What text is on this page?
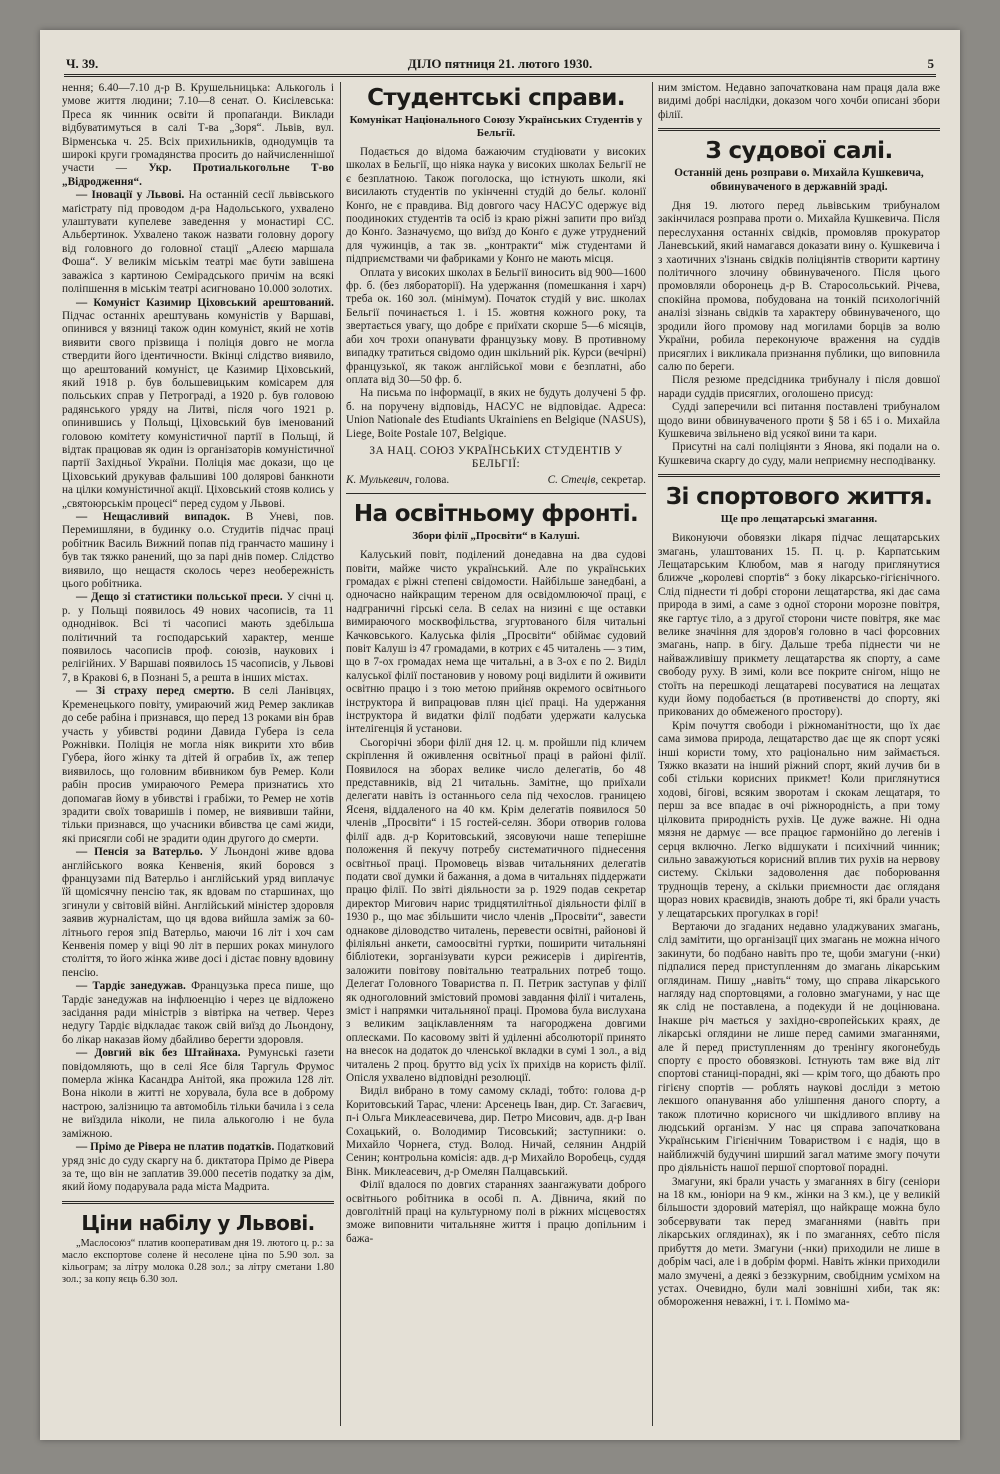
Ч. 39.	ДІЛО пятниця 21. лютого 1930.	5

нення; 6.40—7.10 д-р В. Крушельницька: Алькоголь і умове життя людини; 7.10—8 сенат. О. Кисілевська: Преса як чинник освіти й пропаґанди. Виклади відбуватимуться в салі Т-ва „Зоря“. Львів, вул. Вірменська ч. 25. Всіх прихильників, однодумців та широкі круги громадянства просить до найчисленнішої участи — Укр. Протиалькогольне Т-во „Відродження“.

— Іновації у Львові. На останній сесії львівського маґістрату під проводом д-ра Надольського, ухвалено улаштувати купелеве заведення у монастирі СС. Альбертинок. Ухвалено також назвати головну дорогу від головного до головної стації „Алеєю маршала Фоша“. У великім міськім театрі має бути завішена заважіса з картиною Семірадського причім на всякі поліпшення в міськім театрі асигновано 10.000 золотих.

— Комуніст Казимир Ціховський арештований. Підчас останніх арештувань комуністів у Варшаві, опинився у вязниці також один комуніст, який не хотів виявити свого прізвища і поліція довго не могла ствердити його ідентичности. Вкінці слідство виявило, що арештований комуніст, це Казимир Ціховський, який 1918 р. був большевицьким комісарем для польських справ у Петрограді, а 1920 р. був головою радянського уряду на Литві, після чого 1921 р. опинившись у Польщі, Ціховський був іменований головою комітету комуністичної партії в Польщі, й відтак працював як один із організаторів комуністичної партії Західньої України. Поліція має докази, що це Ціховський друкував фальшиві 100 долярові банкноти на цілки комуністичної акції. Ціховський стояв колись у „святоюрськім процесі“ перед судом у Львові.

— Нещасливий випадок. В Уневі, пов. Перемишляни, в будинку о.о. Студитів підчас праці робітник Василь Вижний попав під гранчасто машину і був так тяжко ранений, що за парі днів помер. Слідство виявило, що нещастя сколось через необережність цього робітника.

— Дещо зі статистики польської преси. У січні ц. р. у Польщі появилось 49 нових часописів, та 11 одноднівок. Всі ті часописі мають здебільша політичний та господарський характер, менше появилось часописів проф. союзів, наукових і релігійних. У Варшаві появилось 15 часописів, у Львові 7, в Кракові 6, в Познані 5, а решта в інших містах.

— Зі страху перед смертю. В селі Ланівцях, Кременецького повіту, умираючий жид Ремер закликав до себе рабіна і признався, що перед 13 роками він брав участь у убивстві родини Давида Губера із села Рожнівки. Поліція не могла ніяк викрити хто вбив Губера, його жінку та дітей й ограбив їх, аж тепер виявилось, що головним вбивником був Ремер. Коли рабін просив умираючого Ремера признатись хто допомагав йому в убивстві і грабіжи, то Ремер не хотів зрадити своїх товаришів і помер, не виявивши тайни, тільки признався, що учасники вбивства це самі жиди, які присягли собі не зрадити один другого до смерти.

— Пенсія за Ватерльо. У Льондоні живе вдова англійського вояка Кенвенія, який боровся з французами під Ватерльо і англійський уряд виплачує їй щомісячну пенсію так, як вдовам по старшинах, що згинули у світовій війні. Англійський міністер здоровля заявив журналістам, що ця вдова вийшла заміж за 60-літнього героя зпід Ватерльо, маючи 16 літ і хоч сам Кенвенія помер у віці 90 літ в перших роках минулого століття, то його жінка живе досі і дістає повну вдовину пенсію.

— Тардіє занедужав. Французька преса пише, що Тардіє занедужав на інфлюенцію і через це відложено засідання ради міністрів з вівтірка на четвер. Через недугу Тардіє відкладає також свій виїзд до Льондону, бо лікар наказав йому дбайливо берегти здоровля.

— Довгий вік без Штайнаха. Румунські ґазети повідомляють, що в селі Ясе біля Таргуль Фрумос померла жінка Касандра Анітой, яка прожила 128 літ. Вона ніколи в житті не хорувала, була все в доброму настрою, залізницю та автомобіль тільки бачила і з села не виїздила ніколи, не пила алькоголю і не була заміжною.

— Прімо де Рівера не платив податків. Податковий уряд зніс до суду скаргу на б. диктатора Прімо де Рівера за те, що він не заплатив 39.000 песетів податку за дім, який йому подарувала рада міста Мадрита.

Ціни набілу у Львові.

„Маслосоюз“ платив кооперативам дня 19. лютого ц. р.: за масло експортове солене й несолене ціна по 5.90 зол. за кільограм; за літру молока 0.28 зол.; за літру сметани 1.80 зол.; за копу яєць 6.30 зол.

Студентські справи.
Комунікат Національного Союзу Українських Студентів у Бельгії.

Подається до відома бажаючим студіювати у високих школах в Бельгії, що ніяка наука у високих школах Бельгії не є безплатною. Також поголоска, що істнують школи, які висилають студентів по укінченні студій до бельґ. колонії Конґо, не є правдива. Від довгого часу НАСУС одержує від поодиноких студентів та осіб із краю ріжні запити про виїзд до Конґо. Зазначуємо, що виїзд до Конґо є дуже утруднений для чужинців, а так зв. „контракти“ між студентами й підприємствами чи фабриками у Конґо не мають місця.

Оплата у високих школах в Бельгії виносить від 900—1600 фр. б. (без лябораторії). На удержання (помешкання і харч) треба ок. 160 зол. (мінімум). Початок студій у вис. школах Бельгії починається 1. і 15. жовтня кожного року, та звертається увагу, що добре є приїхати скорше 5—6 місяців, аби хоч трохи опанувати французьку мову. В противному випадку тратиться свідомо один шкільний рік. Курси (вечірні) французької, як також англійської мови є безплатні, або оплата від 30—50 фр. б.

На письма по інформації, в яких не будуть долучені 5 фр. б. на поручену відповідь, НАСУС не відповідає. Адреса: Union Nationale des Etudiants Ukrainiens en Belgique (NASUS), Liege, Boite Postale 107, Belgique.

ЗА НАЦ. СОЮЗ УКРАЇНСЬКИХ СТУДЕНТІВ У БЕЛЬГІЇ:
К. Мулькевич, голова.	С. Стеців, секретар.
На освітньому фронті.
Збори філії „Просвіти“ в Калуші.

Калуський повіт, поділений донедавна на два судові повіти, майже чисто український. Але по українських громадах є ріжні степені свідомости. Найбільше занедбані, а одночасно найкращим тереном для освідомлюючої праці, є надграничні гірські села. В селах на низині є ще оставки вимираючого москвофільства, згуртованого біля читальні Качковського. Калуська філія „Просвіти“ обіймає судовий повіт Калуш із 47 громадами, в котрих є 45 читалень — з тим, що в 7-ох громадах нема ще читальні, а в 3-ох є по 2. Виділ калуської філії постановив у новому році виділити й оживити освітню працю і з тою метою прийняв окремого освітнього інструктора й випрацював плян цієї праці. На удержання інструктора й видатки філії подбати удержати калуська інтелігенція й установи.

Сьогорічні збори філії дня 12. ц. м. пройшли під кличем скріплення й оживлення освітньої праці в районі філії. Появилося на зборах велике число делегатів, бо 48 представників, від 21 читальнь. Замітне, що приїхали делегати навіть із останнього села під чехослов. границею Ясеня, віддаленого на 40 км. Крім делегатів появилося 50 членів „Просвіти“ і 15 гостей-селян. Збори отворив голова філії адв. д-р Коритовський, зясовуючи наше теперішне положення й пекучу потребу систематичного піднесення освітньої праці. Промовець візвав читальняних делегатів подати свої думки й бажання, а дома в читальнях піддержати працю філії. По звіті діяльности за р. 1929 подав секретар директор Мигович нарис тридцятилітньої діяльности філії в 1930 р., що має збільшити число членів „Просвіти“, завести однакове діловодство читалень, перевести освітні, районові й філіяльні анкети, самоосвітні гуртки, поширити читальняні бібліотеки, зорганізувати курси режисерів і диріґентів, заложити повітову повітальню театральних потреб тощо. Делегат Головного Товариства п. П. Петрик заступав у філії як одноголовний змістовий промові завдання філії і читалень, зміст і напрямки читальняної праці. Промова була вислухана з великим заціклавленням та нагороджена довгими оплесками. По касовому звіті й уділенні абсолюторії принято на внесок на додаток до членської вкладки в сумі 1 зол., а від читалень 2 проц. брутто від усіх їх прихідв на користь філії. Опісля ухвалено відповідні резолюції.

Виділ вибрано в тому самому складі, тобто: голова д-р Коритовський Тарас, члени: Арсенець Іван, дир. Ст. Загаєвич, п-і Ольга Миклеасевичева, дир. Петро Мисович, адв. д-р Іван Сохацький, о. Володимир Тисовський; заступники: о. Михайло Чорнега, студ. Волод. Ничай, селянин Андрій Сенин; контрольна комісія: адв. д-р Михайло Воробець, суддя Вінк. Миклеасевич, д-р Омелян Палцавський.

Філії вдалося по довгих стараннях заангажувати доброго освітнього робітника в особі п. А. Дівнича, який по довголітній праці на культурному полі в ріжних місцевостях зможе виповнити читальняне життя і працю допільним і бажа-

ним змістом. Недавно започаткована нам праця дала вже видимі добрі наслідки, доказом чого хочби описані збори філії.

З судової салі.
Останній день розправи о. Михайла Кушкевича, обвинуваченого в державній зраді.

Дня 19. лютого перед львівським трибуналом закінчилася розправа проти о. Михайла Кушкевича. Після переслухання останніх свідків, промовляв прокуратор Ланевський, який намагався доказати вину о. Кушкевича і з хаотичних з'ізнань свідків поліціянтів створити картину політичного злочину обвинуваченого. Після цього промовляли оборонець д-р В. Старосольський. Річева, спокійна промова, побудована на тонкій психологічній аналізі зізнань свідків та характеру обвинуваченого, що зродили його промову над могилами борців за волю України, робила переконуюче враження на суддів присяглих і викликала признання публики, що виповнила салю по береги.

Після резюме предсідника трибуналу і після довшої наради суддів присяглих, оголошено присуд:

Судді заперечили всі питання поставлені трибуналом щодо вини обвинуваченого проти § 58 і 65 і о. Михайла Кушкевича звільнено від усякої вини та кари.

Присутні на салі поліціянти з Янова, які подали на о. Кушкевича скаргу до суду, мали неприємну несподіванку.

Зі спортового життя.
Ще про лещатарські змагання.

Виконуючи обовязки лікаря підчас лещатарських змагань, улаштованих 15. П. ц. р. Карпатським Лещатарським Клюбом, мав я нагоду приглянутися ближче „королеві спортів“ з боку лікарсько-гігієнічного. Слід піднести ті добрі сторони лещатарства, які дає сама природа в зимі, а саме з одної сторони морозне повітря, яке гартує тіло, а з другої сторони чисте повітря, яке має велике значіння для здоров'я головно в часі форсовних змагань, напр. в бігу. Дальше треба піднести чи не найважливішу прикмету лещатарства як спорту, а саме свободу руху. В зимі, коли все покрите снігом, ніщо не стоїть на перешкоді лещатареві посуватися на лещатах куди йому подобається (в противенстві до спорту, які прикованих до обмеженого простору).

Крім почуття свободи і ріжноманітности, що їх дає сама зимова природа, лещатарство дає ще як спорт усякі інші користи тому, хто раціонально ним займається. Тяжко вказати на інший ріжний спорт, який лучив би в собі стільки корисних прикмет! Коли приглянутися ходові, бігові, всяким зворотам і скокам лещатаря, то перш за все впадає в очі ріжнородність, а при тому цілковита природність рухів. Це дуже важне. Ні одна мязня не дармує — все працює гармонійно до легенів і серця включно. Легко відшукати і психічний чинник; сильно заважуються корисний вплив тих рухів на нервову систему. Скільки задоволення дає поборювання труднощів терену, а скільки приємности дає огляданя щораз нових краєвидів, знають добре ті, які брали участь у лещатарських прогулках в горі!

Вертаючи до згаданих недавно уладжуваних змагань, слід замітити, що організації цих змагань не можна нічого закинути, бо подбано навіть про те, щоби змагуни (-нки) підпалися перед приступленням до змагань лікарським оглядинам. Пишу „навіть“ тому, що справа лікарського нагляду над спортовцями, а головно змагунами, у нас ще як слід не поставлена, а подекуди й не доцінювана. Інакше річ мається у західно-європейських краях, де лікарські оглядини не лише перед самими змаганнями, але й перед приступленням до тренінгу якогонебудь спорту є просто обовязкові. Істнують там вже від літ спортові станиці-порадні, які — крім того, що дбають про гігієну спортів — роблять наукові досліди з метою лекшого опанування або улішпення даного спорту, а також плотично корисного чи шкідливого впливу на людський організм. У нас ця справа започаткована Українським Гігієнічним Товариством і є надія, що в найближчій будучині ширший загал матиме змогу почути про діяльність нашої першої спортової порадні.

Змагуни, які брали участь у змаганнях в бігу (сеніори на 18 км., юніори на 9 км., жінки на 3 км.), це у великій більшости здоровий матеріял, що найкраще можна було зобсервувати так перед змаганнями (навіть при лікарських оглядинах), як і по змаганнях, себто після прибуття до мети. Змагуни (-нки) приходили не лише в добрім часі, але і в добрім формі. Навіть жінки приходили мало змучені, а деякі з беззкурним, свобідним усміхом на устах. Очевидно, були малі зовнішні хиби, так як: обмороження неважні, і т. і. Помімо ма-
